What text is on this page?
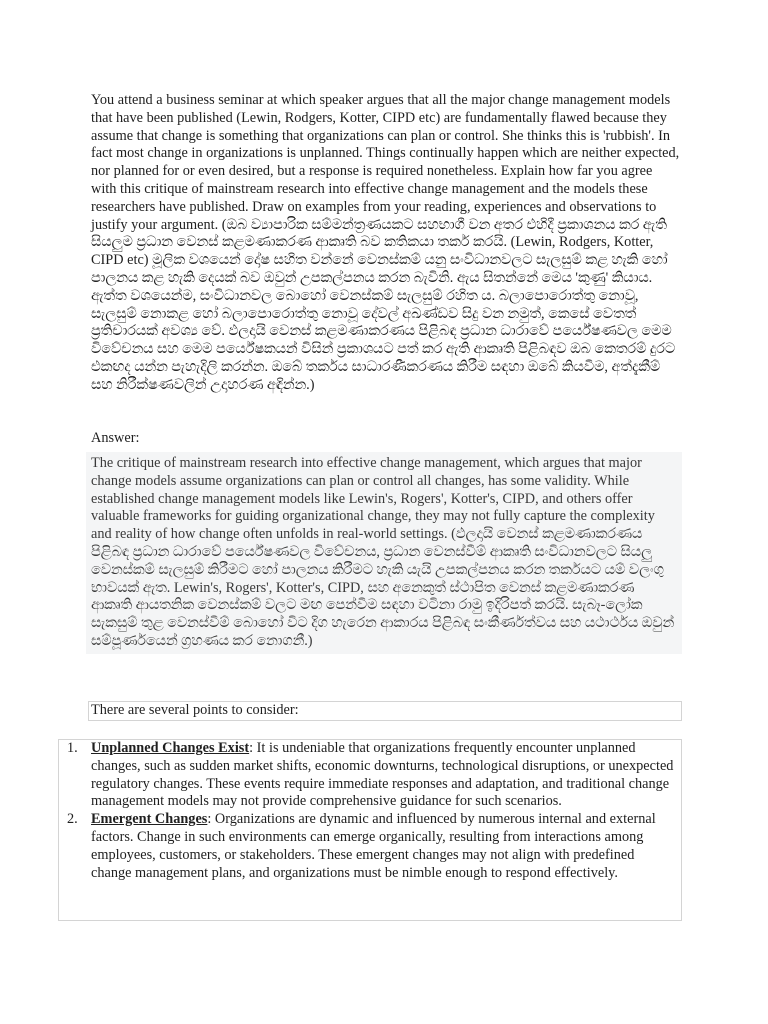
You attend a business seminar at which speaker argues that all the major change management models that have been published (Lewin, Rodgers, Kotter, CIPD etc) are fundamentally flawed because they assume that change is something that organizations can plan or control. She thinks this is 'rubbish'. In fact most change in organizations is unplanned. Things continually happen which are neither expected, nor planned for or even desired, but a response is required nonetheless. Explain how far you agree with this critique of mainstream research into effective change management and the models these researchers have published. Draw on examples from your reading, experiences and observations to justify your argument. (ඔබ ව්‍යාපාරික සම්මන්ත්‍රණයකට සහභාගී වන අතර එහිදී ප්‍රකාශනය කර ඇති සියලුම ප්‍රධාන වෙනස් කළමණාකරණ ආකෘති බව කතිකයා තර්ක කරයි. (Lewin, Rodgers, Kotter, CIPD etc) මූලික වශයෙන් දෝෂ සහිත වන්නේ වෙනස්කම් යනු සංවිධානවලට සැලසුම් කළ හැකි හෝ පාලනය කළ හැකි දෙයක් බව ඔවුන් උපකල්පනය කරන බැවිනි. ඇය සිතන්නේ මෙය 'කුණු' කියාය. ඇත්ත වශයෙන්ම, සංවිධානවල බොහෝ වෙනස්කම් සැලසුම් රහිත ය. බලාපොරොත්තු නොවූ, සැලසුම් නොකළ හෝ බලාපොරොත්තු නොවූ දේවල් අඛණ්ඩව සිදු වන නමුත්, කෙසේ වෙතත් ප්‍රතිචාරයක් අවශ්‍ය වේ. ඵලදායි වෙනස් කළමණාකරණය පිළිබඳ ප්‍රධාන ධාරාවේ පර්යේෂණවල මෙම විවේචනය සහ මෙම පර්යේෂකයන් විසින් ප්‍රකාශයට පත් කර ඇති ආකෘති පිළිබඳව ඔබ කෙතරම් දුරට එකඟද යන්න පැහැදිලි කරන්න. ඔබේ තර්කය සාධාරණීකරණය කිරීම සඳහා ඔබේ කියවීම, අත්දැකීම් සහ නිරීක්ෂණවලින් උදාහරණ අඳින්න.)

Answer:

The critique of mainstream research into effective change management, which argues that major change models assume organizations can plan or control all changes, has some validity. While established change management models like Lewin's, Rogers', Kotter's, CIPD, and others offer valuable frameworks for guiding organizational change, they may not fully capture the complexity and reality of how change often unfolds in real-world settings. (ඵලදායි වෙනස් කළමණාකරණය පිළිබඳ ප්‍රධාන ධාරාවේ පර්යේෂණවල විවේචනය, ප්‍රධාන වෙනස්වීම් ආකෘති සංවිධානවලට සියලු වෙනස්කම් සැලසුම් කිරීමට හෝ පාලනය කිරීමට හැකි යැයි උපකල්පනය කරන තර්කයට යම් වලංගු භාවයක් ඇත. Lewin's, Rogers', Kotter's, CIPD, සහ අනෙකුත් ස්ථාපිත වෙනස් කළමණාකරණ ආකෘති ආයතනික වෙනස්කම් වලට මඟ පෙන්වීම සඳහා වටිනා රාමු ඉදිරිපත් කරයි. සැබෑ-ලෝක සැකසුම් තුළ වෙනස්වීම් බොහෝ විට දිග හැරෙන ආකාරය පිළිබඳ සංකීර්ණත්වය සහ යථාර්ථය ඔවුන් සම්පූර්ණයෙන් ග්‍රහණය කර නොගනී.)

There are several points to consider:

1. Unplanned Changes Exist: It is undeniable that organizations frequently encounter unplanned changes, such as sudden market shifts, economic downturns, technological disruptions, or unexpected regulatory changes. These events require immediate responses and adaptation, and traditional change management models may not provide comprehensive guidance for such scenarios.
2. Emergent Changes: Organizations are dynamic and influenced by numerous internal and external factors. Change in such environments can emerge organically, resulting from interactions among employees, customers, or stakeholders. These emergent changes may not align with predefined change management plans, and organizations must be nimble enough to respond effectively.
